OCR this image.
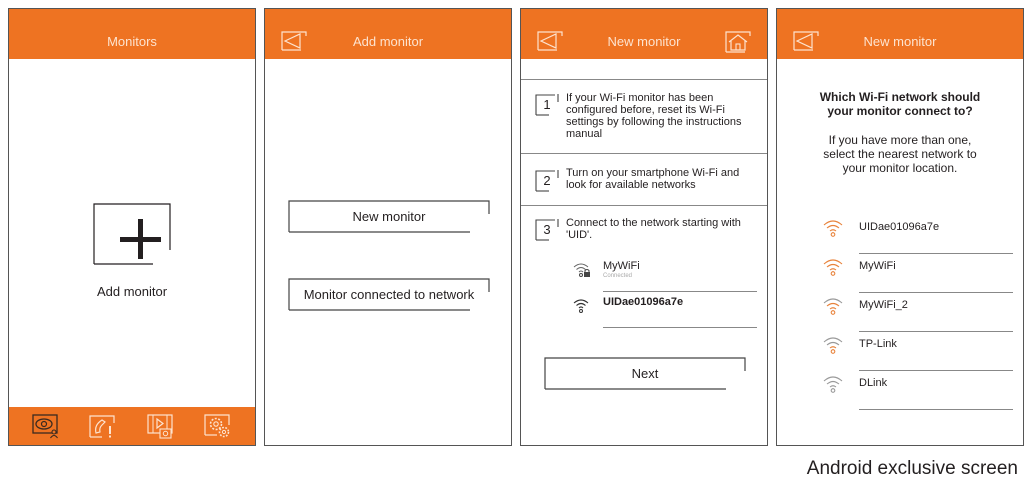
Monitors
Add monitor
Add monitor
New monitor
Monitor connected to network
New monitor
1	If your Wi-Fi monitor has been configured before, reset its Wi-Fi settings by following the instructions manual
2	Turn on your smartphone Wi-Fi and look for available networks
3	Connect to the network starting with 'UID'.
MyWiFi
Connected
UIDae01096a7e
Next
New monitor
Which Wi-Fi network should your monitor connect to?
If you have more than one, select the nearest network to your monitor location.
UIDae01096a7e
MyWiFi
MyWiFi_2
TP-Link
DLink
Android exclusive screen
